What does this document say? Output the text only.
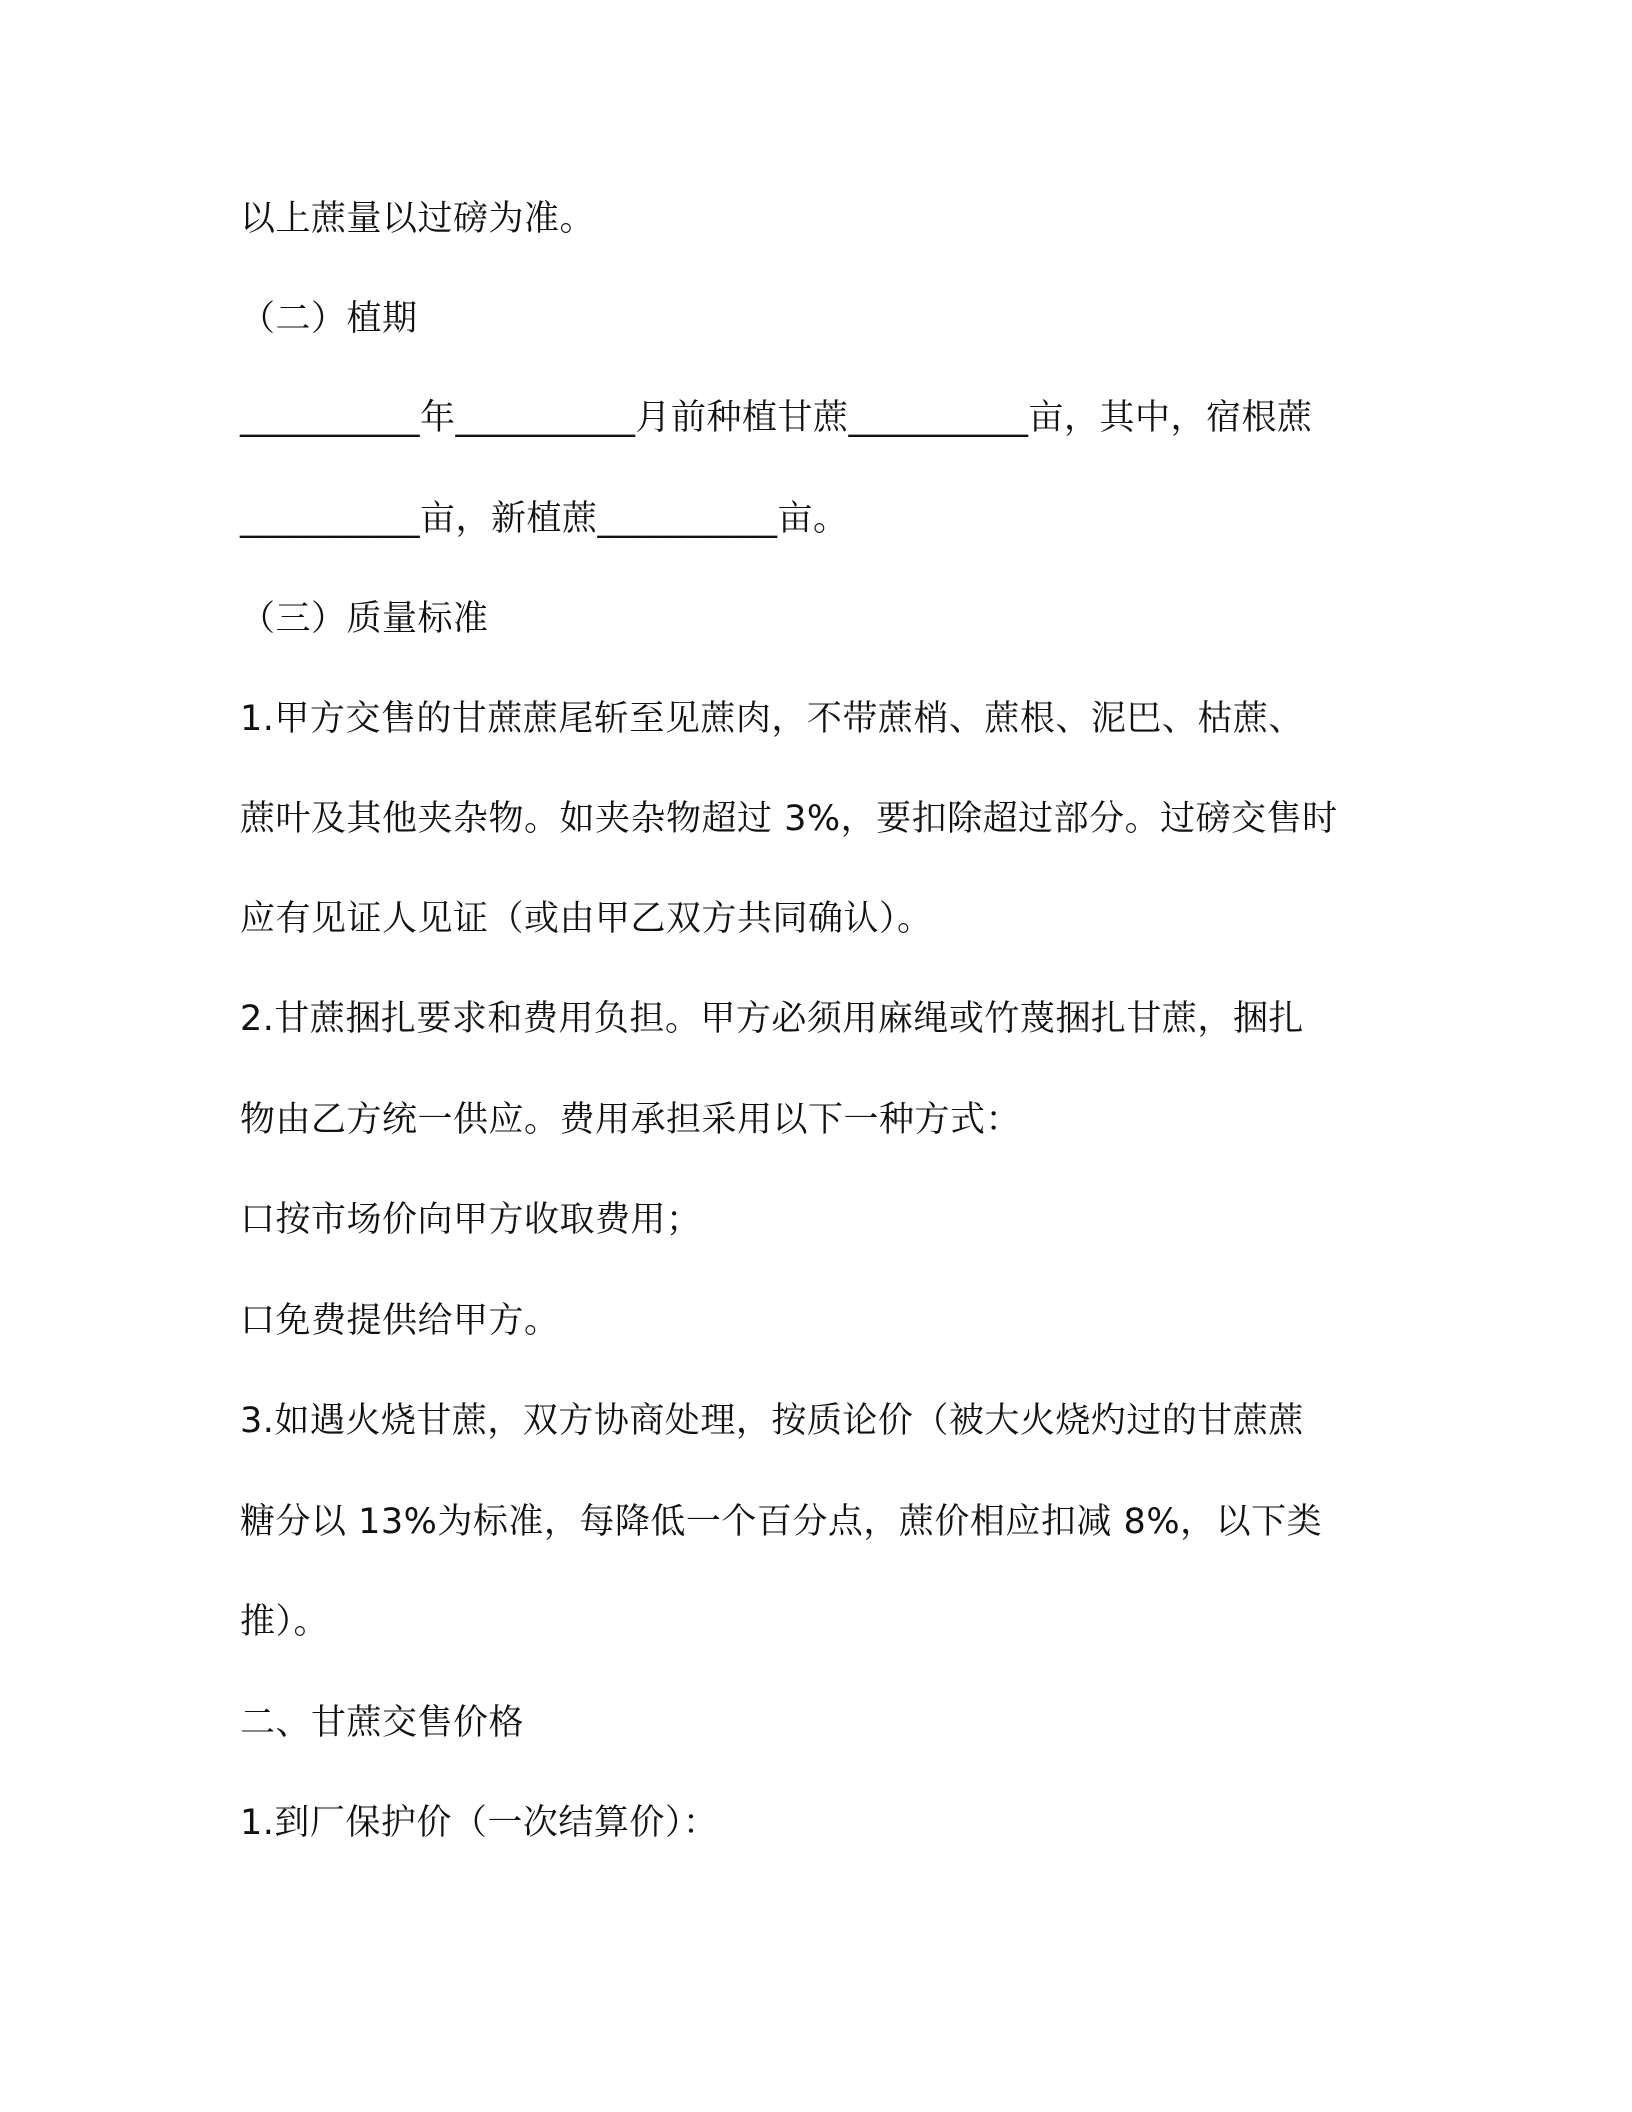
以上蔗量以过磅为准。
（二）植期
__________年__________月前种植甘蔗__________亩，其中，宿根蔗
__________亩，新植蔗__________亩。
（三）质量标准
1.甲方交售的甘蔗蔗尾斩至见蔗肉，不带蔗梢、蔗根、泥巴、枯蔗、
蔗叶及其他夹杂物。如夹杂物超过 3%，要扣除超过部分。过磅交售时
应有见证人见证（或由甲乙双方共同确认）。
2.甘蔗捆扎要求和费用负担。甲方必须用麻绳或竹蔑捆扎甘蔗，捆扎
物由乙方统一供应。费用承担采用以下一种方式：
口按市场价向甲方收取费用；
口免费提供给甲方。
3.如遇火烧甘蔗，双方协商处理，按质论价（被大火烧灼过的甘蔗蔗
糖分以 13%为标准，每降低一个百分点，蔗价相应扣减 8%，以下类
推）。
二、甘蔗交售价格
1.到厂保护价（一次结算价）：
